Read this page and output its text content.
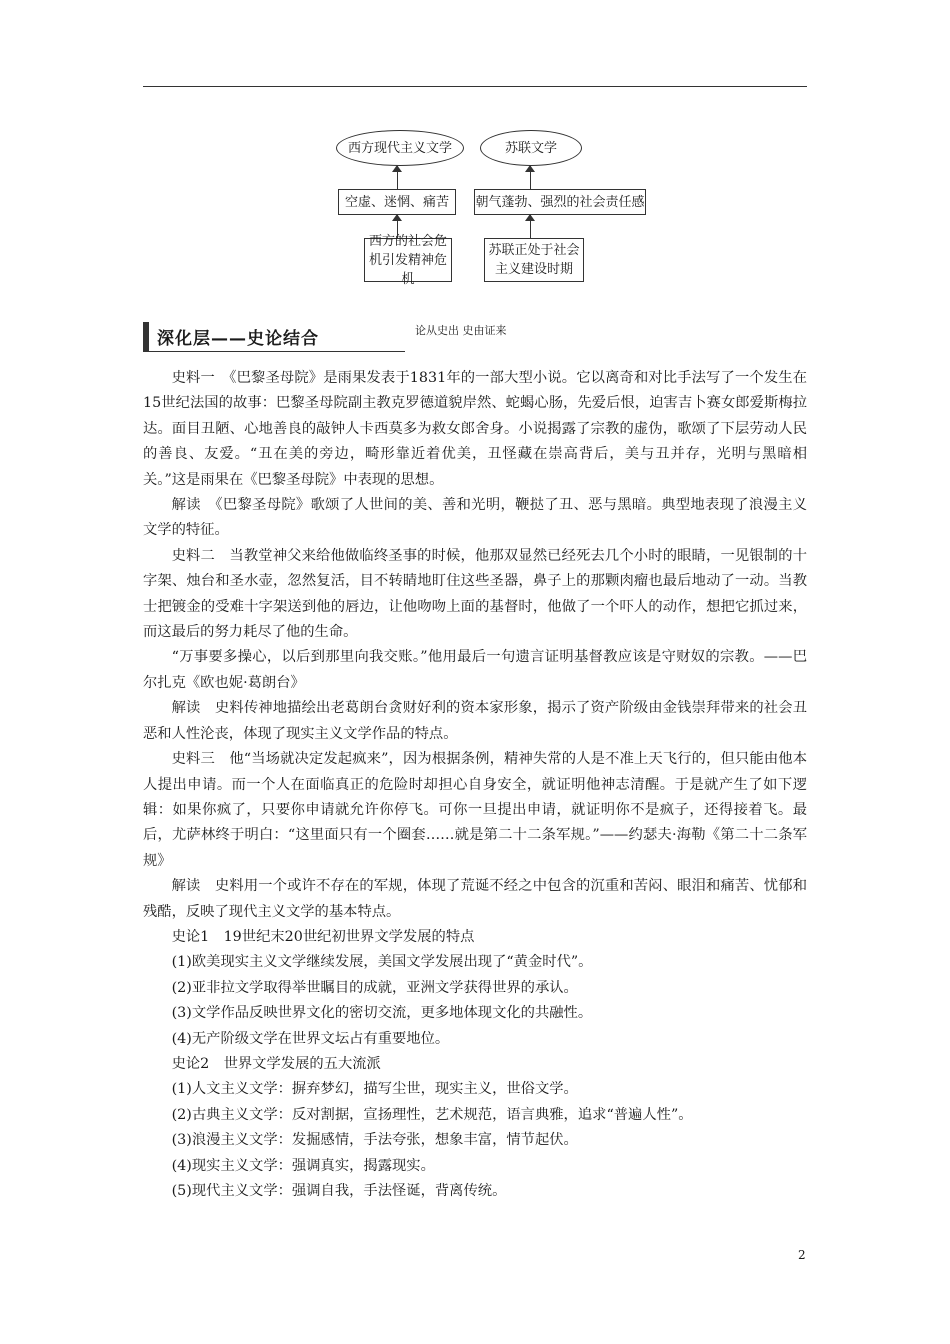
西方现代主义文学	苏联文学
空虚、迷惘、痛苦	朝气蓬勃、强烈的社会责任感
西方的社会危机引发精神危机
苏联正处于社会主义建设时期
深化层——史论结合	论从史出 史由证来

史料一　《巴黎圣母院》是雨果发表于1831年的一部大型小说。它以离奇和对比手法写了一个发生在15世纪法国的故事：巴黎圣母院副主教克罗德道貌岸然、蛇蝎心肠，先爱后恨，迫害吉卜赛女郎爱斯梅拉达。面目丑陋、心地善良的敲钟人卡西莫多为救女郎舍身。小说揭露了宗教的虚伪，歌颂了下层劳动人民的善良、友爱。“丑在美的旁边，畸形靠近着优美，丑怪藏在崇高背后，美与丑并存，光明与黑暗相关。”这是雨果在《巴黎圣母院》中表现的思想。

解读　《巴黎圣母院》歌颂了人世间的美、善和光明，鞭挞了丑、恶与黑暗。典型地表现了浪漫主义文学的特征。

史料二　当教堂神父来给他做临终圣事的时候，他那双显然已经死去几个小时的眼睛，一见银制的十字架、烛台和圣水壶，忽然复活，目不转睛地盯住这些圣器，鼻子上的那颗肉瘤也最后地动了一动。当教士把镀金的受难十字架送到他的唇边，让他吻吻上面的基督时，他做了一个吓人的动作，想把它抓过来，而这最后的努力耗尽了他的生命。

“万事要多操心，以后到那里向我交账。”他用最后一句遗言证明基督教应该是守财奴的宗教。——巴尔扎克《欧也妮·葛朗台》

解读　史料传神地描绘出老葛朗台贪财好利的资本家形象，揭示了资产阶级由金钱崇拜带来的社会丑恶和人性沦丧，体现了现实主义文学作品的特点。

史料三　他“当场就决定发起疯来”，因为根据条例，精神失常的人是不准上天飞行的，但只能由他本人提出申请。而一个人在面临真正的危险时却担心自身安全，就证明他神志清醒。于是就产生了如下逻辑：如果你疯了，只要你申请就允许你停飞。可你一旦提出申请，就证明你不是疯子，还得接着飞。最后，尤萨林终于明白：“这里面只有一个圈套……就是第二十二条军规。”——约瑟夫·海勒《第二十二条军规》

解读　史料用一个或许不存在的军规，体现了荒诞不经之中包含的沉重和苦闷、眼泪和痛苦、忧郁和残酷，反映了现代主义文学的基本特点。

史论1　19世纪末20世纪初世界文学发展的特点

(1)欧美现实主义文学继续发展，美国文学发展出现了“黄金时代”。

(2)亚非拉文学取得举世瞩目的成就，亚洲文学获得世界的承认。

(3)文学作品反映世界文化的密切交流，更多地体现文化的共融性。

(4)无产阶级文学在世界文坛占有重要地位。

史论2　世界文学发展的五大流派

(1)人文主义文学：摒弃梦幻，描写尘世，现实主义，世俗文学。

(2)古典主义文学：反对割据，宣扬理性，艺术规范，语言典雅，追求“普遍人性”。

(3)浪漫主义文学：发掘感情，手法夸张，想象丰富，情节起伏。

(4)现实主义文学：强调真实，揭露现实。

(5)现代主义文学：强调自我，手法怪诞，背离传统。

2
